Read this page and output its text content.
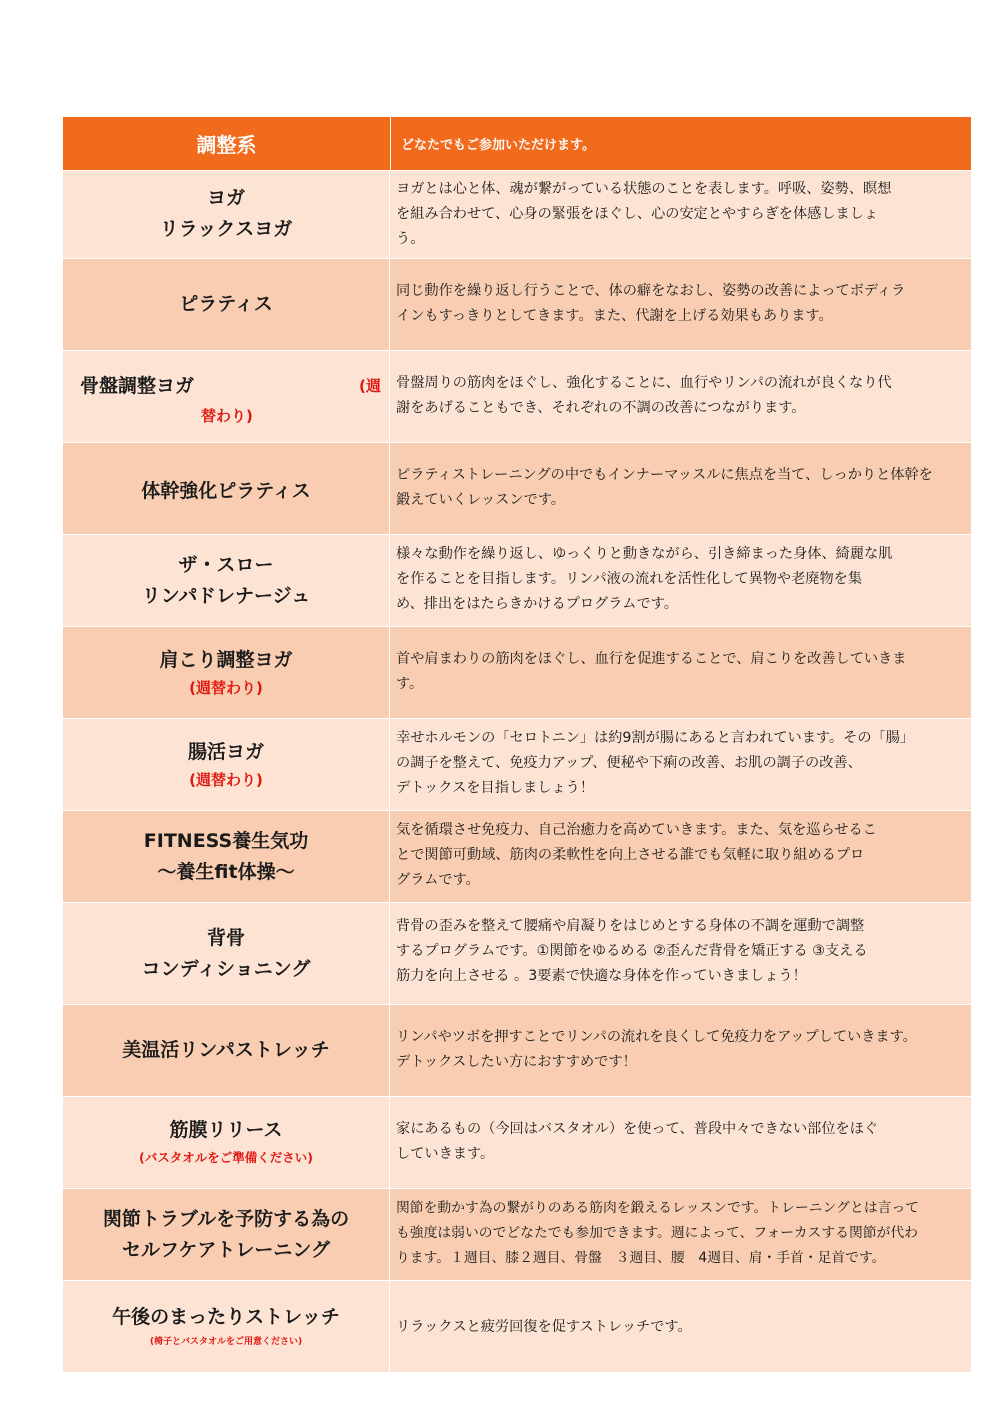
調整系	どなたでもご参加いただけます。
ヨガ
リラックスヨガ
ヨガとは心と体、魂が繋がっている状態のことを表します。呼吸、姿勢、瞑想
を組み合わせて、心身の緊張をほぐし、心の安定とやすらぎを体感しましょ
う。
ピラティス
同じ動作を繰り返し行うことで、体の癖をなおし、姿勢の改善によってボディラ
インもすっきりとしてきます。また、代謝を上げる効果もあります。
骨盤調整ヨガ	(週
替わり)
骨盤周りの筋肉をほぐし、強化することに、血行やリンパの流れが良くなり代
謝をあげることもでき、それぞれの不調の改善につながります。
体幹強化ピラティス
ピラティストレーニングの中でもインナーマッスルに焦点を当て、しっかりと体幹を
鍛えていくレッスンです。
ザ・スロー
リンパドレナージュ
様々な動作を繰り返し、ゆっくりと動きながら、引き締まった身体、綺麗な肌
を作ることを目指します。リンパ液の流れを活性化して異物や老廃物を集
め、排出をはたらきかけるプログラムです。
肩こり調整ヨガ
(週替わり)
首や肩まわりの筋肉をほぐし、血行を促進することで、肩こりを改善していきま
す。
腸活ヨガ
(週替わり)
幸せホルモンの「セロトニン」は約9割が腸にあると言われています。その「腸」
の調子を整えて、免疫力アップ、便秘や下痢の改善、お肌の調子の改善、
デトックスを目指しましょう！
FITNESS養生気功
～養生fit体操～
気を循環させ免疫力、自己治癒力を高めていきます。また、気を巡らせるこ
とで関節可動域、筋肉の柔軟性を向上させる誰でも気軽に取り組めるプロ
グラムです。
背骨
コンディショニング
背骨の歪みを整えて腰痛や肩凝りをはじめとする身体の不調を運動で調整
するプログラムです。①関節をゆるめる ②歪んだ背骨を矯正する ③支える
筋力を向上させる 。3要素で快適な身体を作っていきましょう！
美温活リンパストレッチ
リンパやツボを押すことでリンパの流れを良くして免疫力をアップしていきます。
デトックスしたい方におすすめです！
筋膜リリース
(バスタオルをご準備ください)
家にあるもの（今回はバスタオル）を使って、普段中々できない部位をほぐ
していきます。
関節トラブルを予防する為の
セルフケアトレーニング
関節を動かす為の繋がりのある筋肉を鍛えるレッスンです。トレーニングとは言って
も強度は弱いのでどなたでも参加できます。週によって、フォーカスする関節が代わ
ります。１週目、膝２週目、骨盤　３週目、腰　4週目、肩・手首・足首です。
午後のまったりストレッチ
(椅子とバスタオルをご用意ください)
リラックスと疲労回復を促すストレッチです。
